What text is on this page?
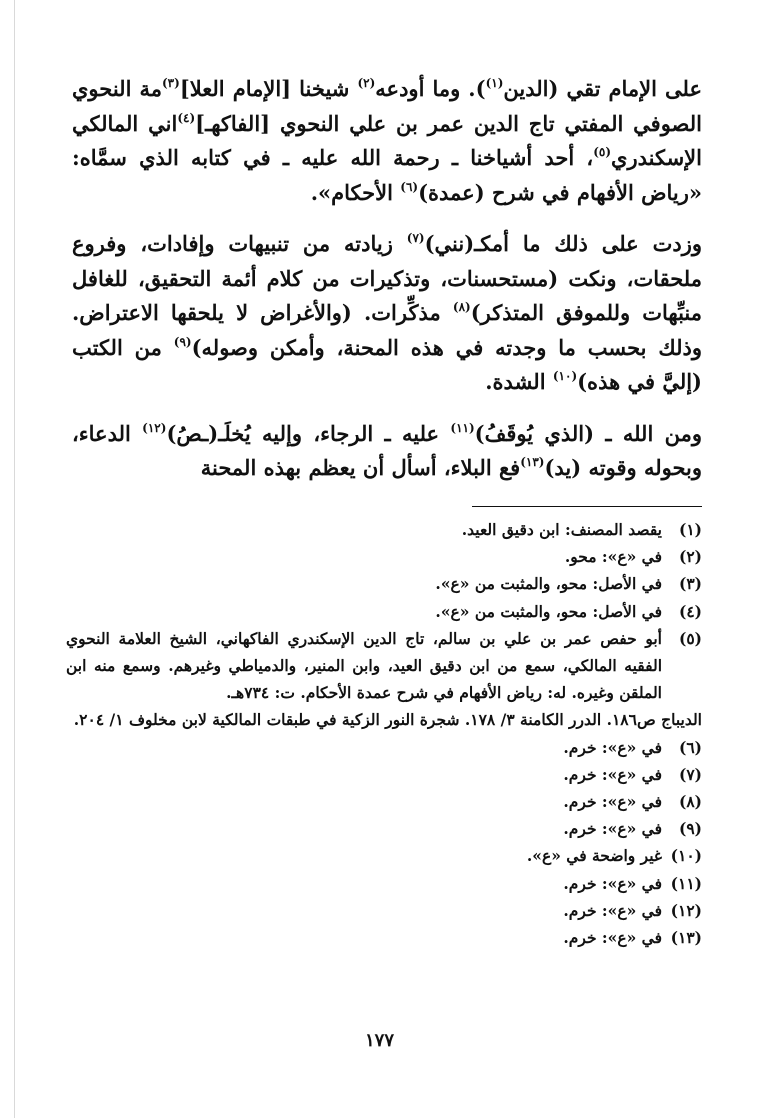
على الإمام تقي (الدين$^{(١)}$). وما أودعه$^{(٢)}$ شيخنا [الإمام العلا]$^{(٣)}$مة النحوي الصوفي المفتي تاج الدين عمر بن علي النحوي [الفاكهـ]$^{(٤)}$اني المالكي الإسكندري$^{(٥)}$، أحد أشياخنا ـ رحمة الله عليه ـ في كتابه الذي سمَّاه: «رياض الأفهام في شرح (عمدة)$^{(٦)}$ الأحكام».

وزدت على ذلك ما أمكـ(نني)$^{(٧)}$ زيادته من تنبيهات وإفادات، وفروع ملحقات، ونكت (مستحسنات، وتذكيرات من كلام أئمة التحقيق، للغافل منبِّهات وللموفق المتذكر)$^{(٨)}$ مذكِّرات. (والأغراض لا يلحقها الاعتراض. وذلك بحسب ما وجدته في هذه المحنة، وأمكن وصوله)$^{(٩)}$ من الكتب (إليَّ في هذه)$^{(١٠)}$ الشدة.

ومن الله ـ (الذي يُوقَفُ)$^{(١١)}$ عليه ـ الرجاء، وإليه يُخلَـ(ـصُ)$^{(١٢)}$ الدعاء، وبحوله وقوته (يد)$^{(١٣)}$فع البلاء، أسأل أن يعظم بهذه المحنة

(١)
يقصد المصنف: ابن دقيق العيد.
(٢)
في «ع»: محو.
(٣)
في الأصل: محو، والمثبت من «ع».
(٤)
في الأصل: محو، والمثبت من «ع».
(٥)
أبو حفص عمر بن علي بن سالم، تاج الدين الإسكندري الفاكهاني، الشيخ العلامة النحوي الفقيه المالكي، سمع من ابن دقيق العيد، وابن المنير، والدمياطي وغيرهم. وسمع منه ابن الملقن وغيره. له: رياض الأفهام في شرح عمدة الأحكام. ت: ٧٣٤هـ.
الديباج ص١٨٦. الدرر الكامنة ٣/ ١٧٨. شجرة النور الزكية في طبقات المالكية لابن مخلوف ١/ ٢٠٤.
(٦)
في «ع»: خرم.
(٧)
في «ع»: خرم.
(٨)
في «ع»: خرم.
(٩)
في «ع»: خرم.
(١٠)
غير واضحة في «ع».
(١١)
في «ع»: خرم.
(١٢)
في «ع»: خرم.
(١٣)
في «ع»: خرم.
١٧٧
